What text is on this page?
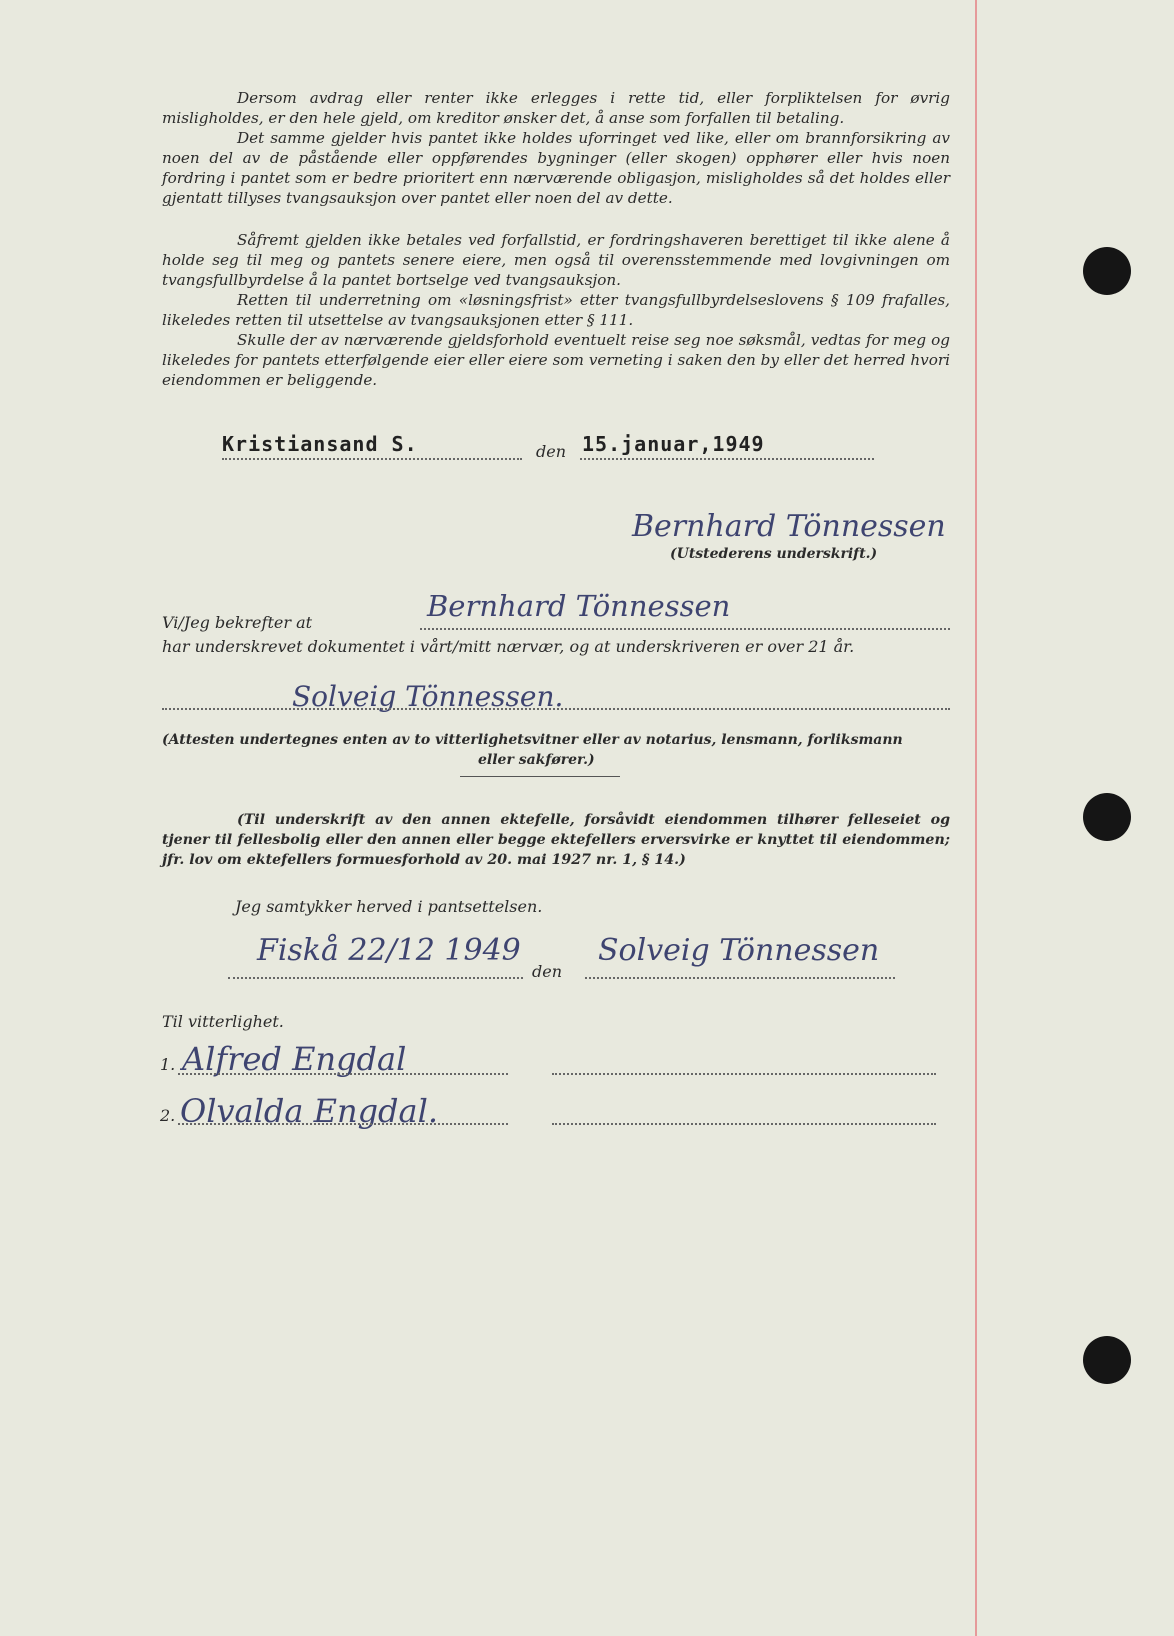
Dersom avdrag eller renter ikke erlegges i rette tid, eller forpliktelsen for øvrig misligholdes, er den hele gjeld, om kreditor ønsker det, å anse som forfallen til betaling.

Det samme gjelder hvis pantet ikke holdes uforringet ved like, eller om brannforsikring av noen del av de påstående eller oppførendes bygninger (eller skogen) opphører eller hvis noen fordring i pantet som er bedre prioritert enn nærværende obligasjon, misligholdes så det holdes eller gjentatt tillyses tvangsauksjon over pantet eller noen del av dette.

Såfremt gjelden ikke betales ved forfallstid, er fordringshaveren berettiget til ikke alene å holde seg til meg og pantets senere eiere, men også til overensstemmende med lovgivningen om tvangsfullbyrdelse å la pantet bortselge ved tvangsauksjon.

Retten til underretning om «løsningsfrist» etter tvangsfullbyrdelseslovens § 109 frafalles, likeledes retten til utsettelse av tvangsauksjonen etter § 111.

Skulle der av nærværende gjeldsforhold eventuelt reise seg noe søksmål, vedtas for meg og likeledes for pantets etterfølgende eier eller eiere som verneting i saken den by eller det herred hvori eiendommen er beliggende.

Kristiansand S.	den 15.januar,1949
Bernhard Tönnessen
(Utstederens underskrift.)
Vi/Jeg bekrefter at	Bernhard Tönnessen
har underskrevet dokumentet i vårt/mitt nærvær, og at underskriveren er over 21 år.
Solveig Tönnessen.
(Attesten undertegnes enten av to vitterlighetsvitner eller av notarius, lensmann, forliksmann
eller sakfører.)

(Til underskrift av den annen ektefelle, forsåvidt eiendommen tilhører felleseiet og tjener til fellesbolig eller den annen eller begge ektefellers erversvirke er knyttet til eiendommen; jfr. lov om ektefellers formuesforhold av 20. mai 1927 nr. 1, § 14.)

Jeg samtykker herved i pantsettelsen.
Fiskå 22/12 1949
den
Solveig Tönnessen
Til vitterlighet.
1. Alfred Engdal
2. Olvalda Engdal.
